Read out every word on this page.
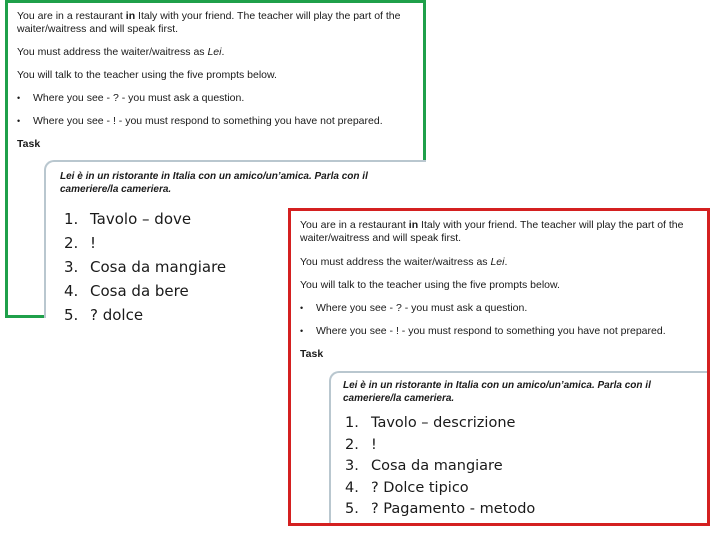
You are in a restaurant in Italy with your friend. The teacher will play the part of the waiter/waitress and will speak first.
You must address the waiter/waitress as Lei.
You will talk to the teacher using the five prompts below.
• Where you see - ? - you must ask a question.
• Where you see - ! - you must respond to something you have not prepared.
Task
Lei è in un ristorante in Italia con un amico/un’amica. Parla con il cameriere/la cameriera.
1. Tavolo – dove
2. !
3. Cosa da mangiare
4. Cosa da bere
5. ? dolce
You are in a restaurant in Italy with your friend. The teacher will play the part of the waiter/waitress and will speak first.
You must address the waiter/waitress as Lei.
You will talk to the teacher using the five prompts below.
• Where you see - ? - you must ask a question.
• Where you see - ! - you must respond to something you have not prepared.
Task
Lei è in un ristorante in Italia con un amico/un’amica. Parla con il cameriere/la cameriera.
1. Tavolo – descrizione
2. !
3. Cosa da mangiare
4. ? Dolce tipico
5. ? Pagamento - metodo
